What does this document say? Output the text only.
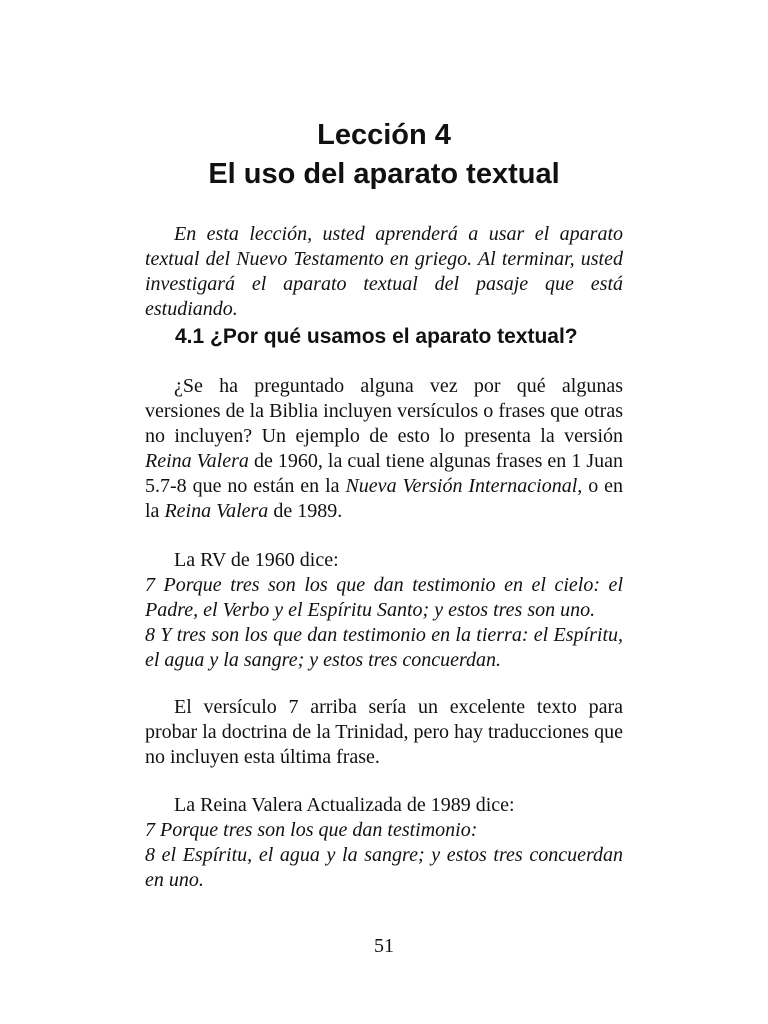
Lección 4
El uso del aparato textual

En esta lección, usted aprenderá a usar el aparato textual del Nuevo Testamento en griego. Al terminar, usted investigará el aparato textual del pasaje que está estudiando.

4.1 ¿Por qué usamos el aparato textual?

¿Se ha preguntado alguna vez por qué algunas versiones de la Biblia incluyen versículos o frases que otras no incluyen? Un ejemplo de esto lo presenta la versión Reina Valera de 1960, la cual tiene algunas frases en 1 Juan 5.7-8 que no están en la Nueva Versión Internacional, o en la Reina Valera de 1989.

La RV de 1960 dice:
7 Porque tres son los que dan testimonio en el cielo: el Padre, el Verbo y el Espíritu Santo; y estos tres son uno.
8 Y tres son los que dan testimonio en la tierra: el Espíritu, el agua y la sangre; y estos tres concuerdan.

El versículo 7 arriba sería un excelente texto para probar la doctrina de la Trinidad, pero hay traducciones que no incluyen esta última frase.

La Reina Valera Actualizada de 1989 dice:
7 Porque tres son los que dan testimonio:
8 el Espíritu, el agua y la sangre; y estos tres concuerdan en uno.
51
